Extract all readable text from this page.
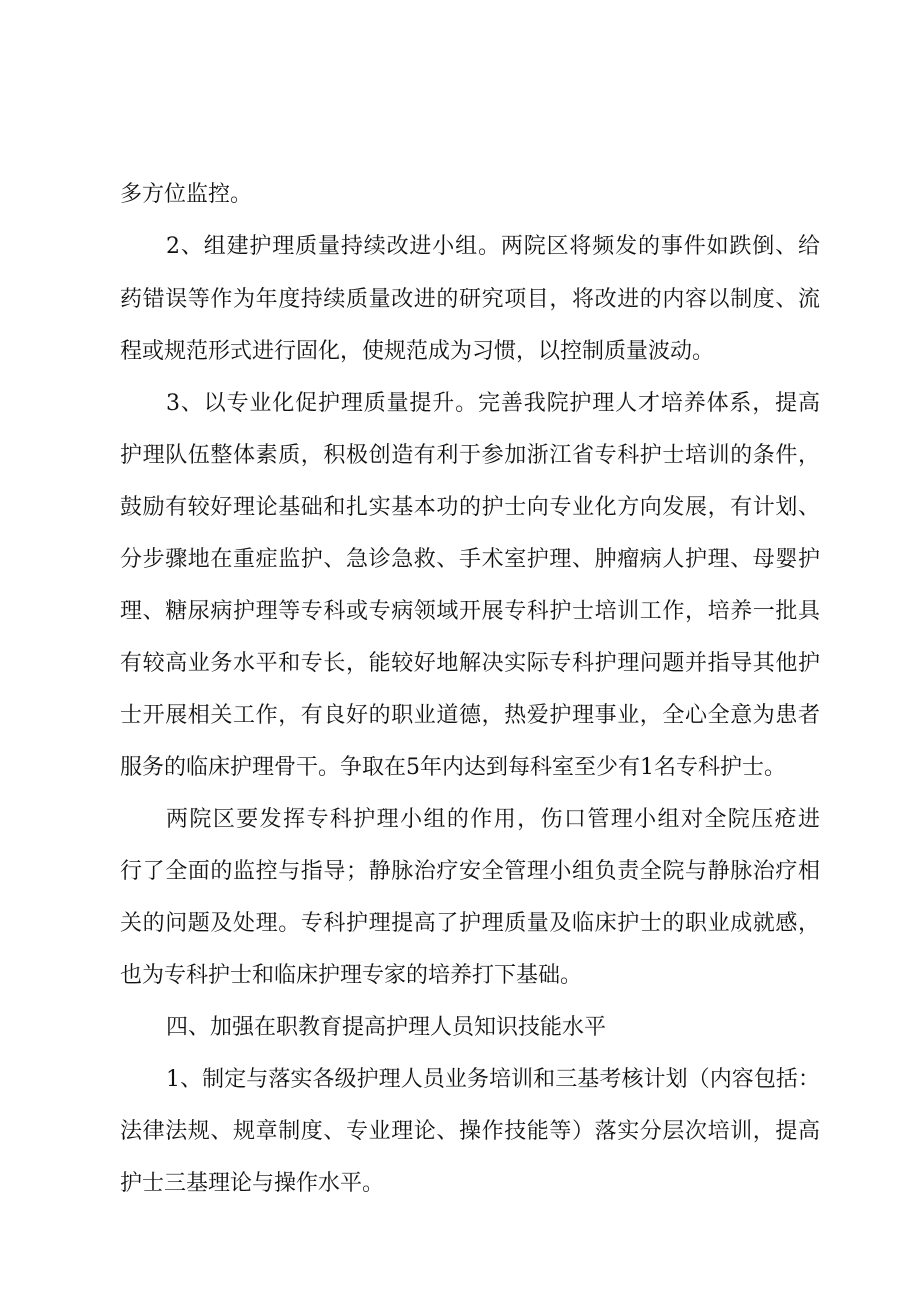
多方位监控。
2、组建护理质量持续改进小组。两院区将频发的事件如跌倒、给
药错误等作为年度持续质量改进的研究项目，将改进的内容以制度、流
程或规范形式进行固化，使规范成为习惯，以控制质量波动。
3、以专业化促护理质量提升。完善我院护理人才培养体系，提高
护理队伍整体素质，积极创造有利于参加浙江省专科护士培训的条件，
鼓励有较好理论基础和扎实基本功的护士向专业化方向发展，有计划、
分步骤地在重症监护、急诊急救、手术室护理、肿瘤病人护理、母婴护
理、糖尿病护理等专科或专病领域开展专科护士培训工作，培养一批具
有较高业务水平和专长，能较好地解决实际专科护理问题并指导其他护
士开展相关工作，有良好的职业道德，热爱护理事业，全心全意为患者
服务的临床护理骨干。争取在5年内达到每科室至少有1名专科护士。
两院区要发挥专科护理小组的作用，伤口管理小组对全院压疮进
行了全面的监控与指导；静脉治疗安全管理小组负责全院与静脉治疗相
关的问题及处理。专科护理提高了护理质量及临床护士的职业成就感，
也为专科护士和临床护理专家的培养打下基础。
四、加强在职教育提高护理人员知识技能水平
1、制定与落实各级护理人员业务培训和三基考核计划（内容包括：
法律法规、规章制度、专业理论、操作技能等）落实分层次培训，提高
护士三基理论与操作水平。
